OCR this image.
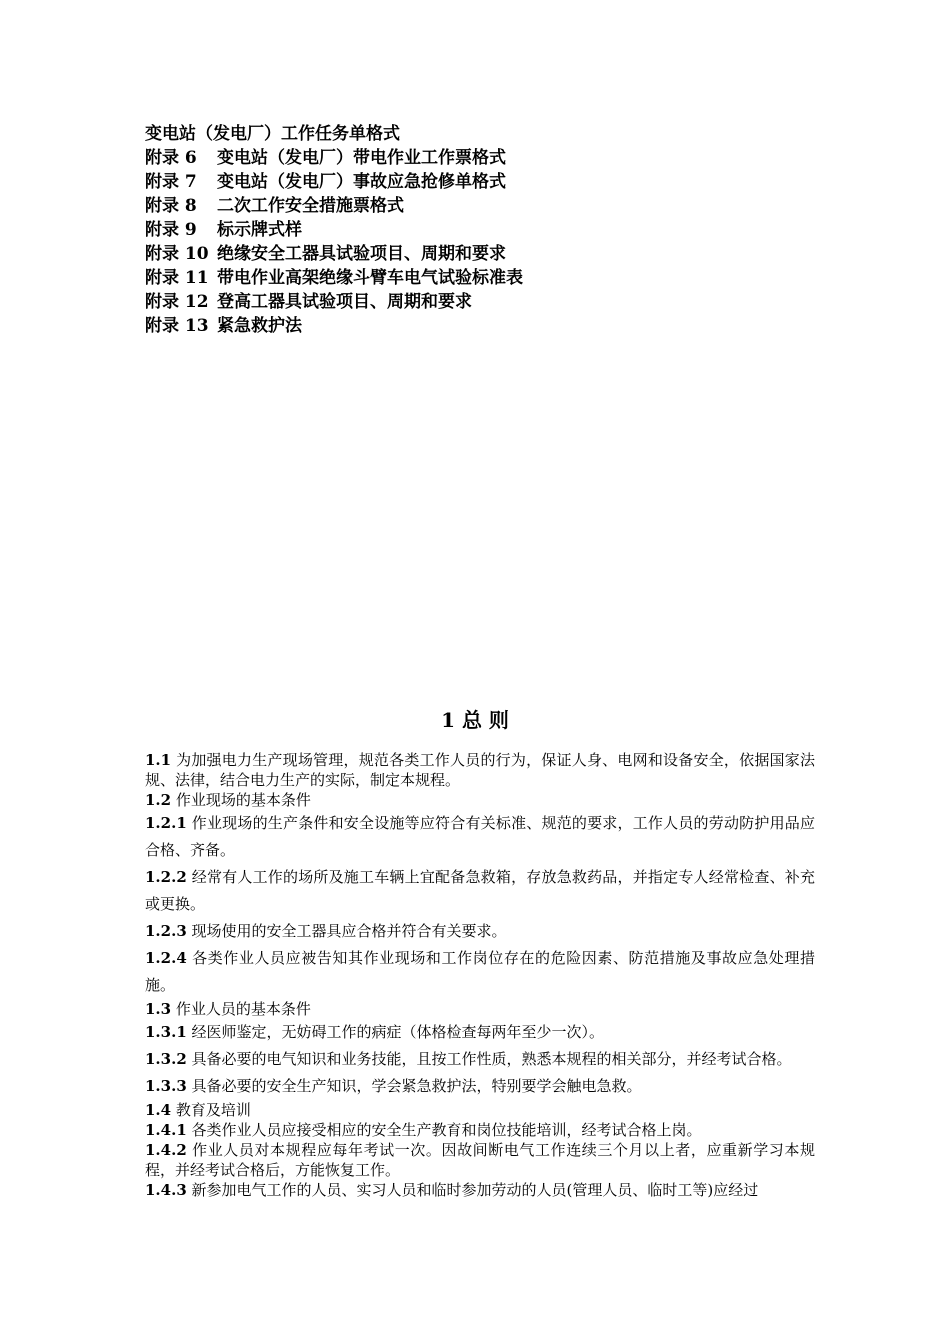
变电站（发电厂）工作任务单格式
附录 6 变电站（发电厂）带电作业工作票格式
附录 7 变电站（发电厂）事故应急抢修单格式
附录 8 二次工作安全措施票格式
附录 9 标示牌式样
附录 10 绝缘安全工器具试验项目、周期和要求
附录 11 带电作业高架绝缘斗臂车电气试验标准表
附录 12 登高工器具试验项目、周期和要求
附录 13 紧急救护法
1 总 则

1.1 为加强电力生产现场管理，规范各类工作人员的行为，保证人身、电网和设备安全，依据国家法规、法律，结合电力生产的实际，制定本规程。

1.2 作业现场的基本条件

1.2.1 作业现场的生产条件和安全设施等应符合有关标准、规范的要求，工作人员的劳动防护用品应合格、齐备。

1.2.2 经常有人工作的场所及施工车辆上宜配备急救箱，存放急救药品，并指定专人经常检查、补充或更换。

1.2.3 现场使用的安全工器具应合格并符合有关要求。

1.2.4 各类作业人员应被告知其作业现场和工作岗位存在的危险因素、防范措施及事故应急处理措施。

1.3 作业人员的基本条件

1.3.1 经医师鉴定，无妨碍工作的病症（体格检查每两年至少一次）。

1.3.2 具备必要的电气知识和业务技能，且按工作性质，熟悉本规程的相关部分，并经考试合格。

1.3.3 具备必要的安全生产知识，学会紧急救护法，特别要学会触电急救。

1.4 教育及培训

1.4.1 各类作业人员应接受相应的安全生产教育和岗位技能培训，经考试合格上岗。

1.4.2 作业人员对本规程应每年考试一次。因故间断电气工作连续三个月以上者，应重新学习本规程，并经考试合格后，方能恢复工作。

1.4.3 新参加电气工作的人员、实习人员和临时参加劳动的人员(管理人员、临时工等)应经过
